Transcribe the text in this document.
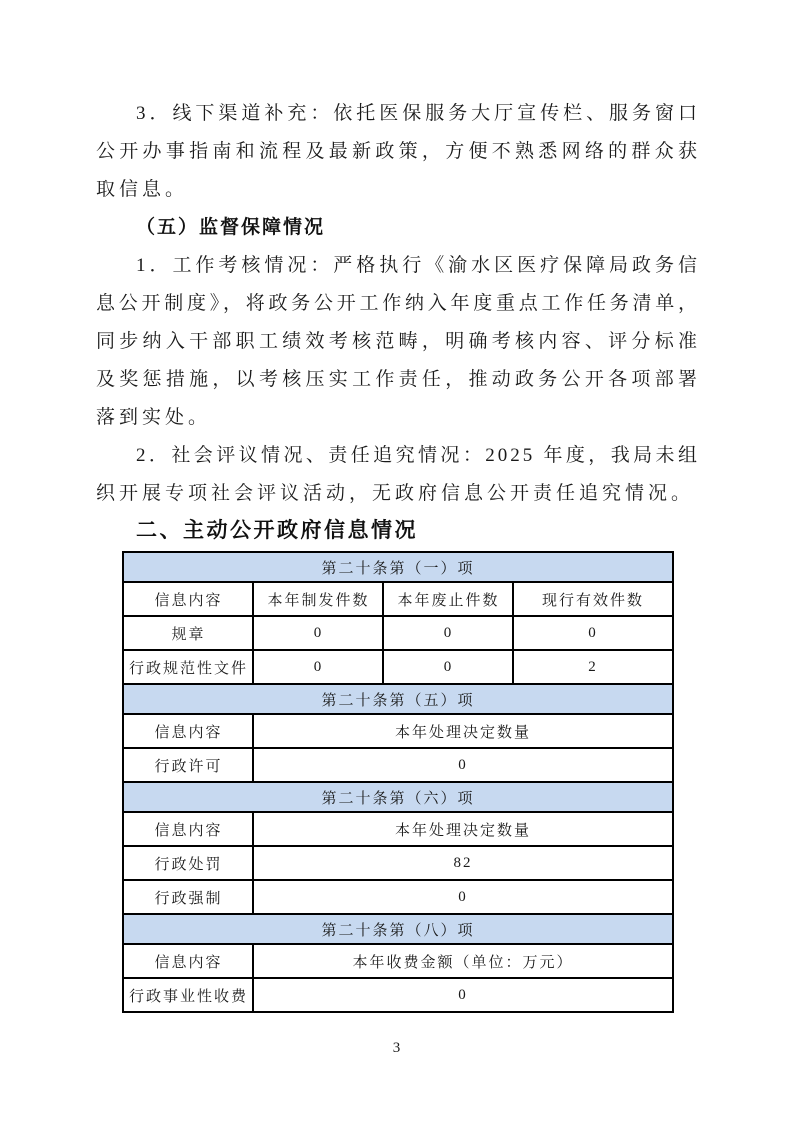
3．线下渠道补充：依托医保服务大厅宣传栏、服务窗口
公开办事指南和流程及最新政策，方便不熟悉网络的群众获
取信息。
（五）监督保障情况
1．工作考核情况：严格执行《渝水区医疗保障局政务信
息公开制度》，将政务公开工作纳入年度重点工作任务清单，
同步纳入干部职工绩效考核范畴，明确考核内容、评分标准
及奖惩措施，以考核压实工作责任，推动政务公开各项部署
落到实处。
2．社会评议情况、责任追究情况：2025 年度，我局未组
织开展专项社会评议活动，无政府信息公开责任追究情况。
二、主动公开政府信息情况
第二十条第（一）项			
信息内容	本年制发件数	本年废止件数	现行有效件数
规章	0	0	0
行政规范性文件	0	0	2
第二十条第（五）项			
信息内容	本年处理决定数量		
行政许可	0		
第二十条第（六）项			
信息内容	本年处理决定数量		
行政处罚	82		
行政强制	0		
第二十条第（八）项			
信息内容	本年收费金额（单位：万元）		
行政事业性收费	0		
3
